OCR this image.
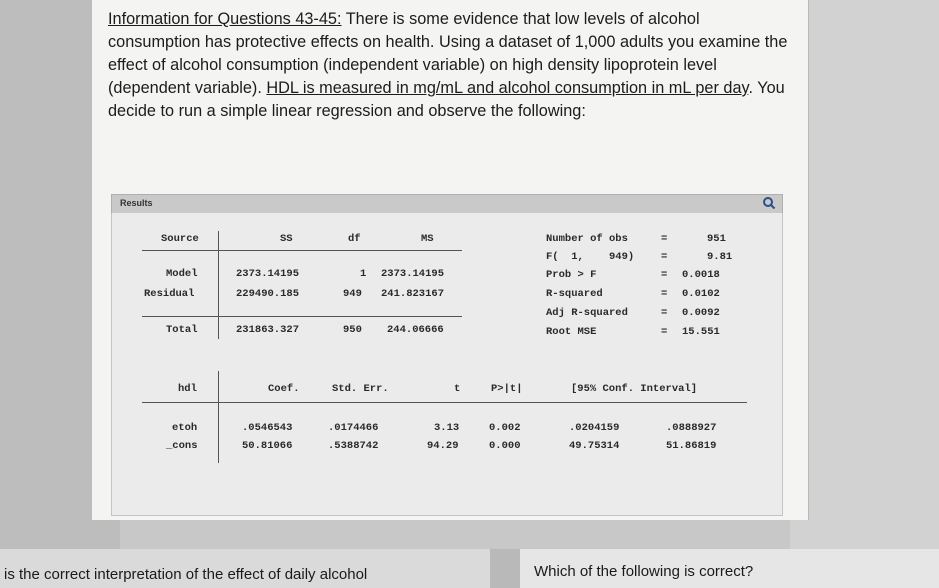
Information for Questions 43-45: There is some evidence that low levels of alcohol consumption has protective effects on health. Using a dataset of 1,000 adults you examine the effect of alcohol consumption (independent variable) on high density lipoprotein level (dependent variable). HDL is measured in mg/mL and alcohol consumption in mL per day. You decide to run a simple linear regression and observe the following:
Results
Source	SS	df	MS
Model	2373.14195	1 2373.14195
Residual	229490.185	949 241.823167
Total	231863.327	950 244.06666
Number of obs	=	951
F(  1,    949)	=	9.81
Prob > F	= 0.0018
R-squared	= 0.0102
Adj R-squared	= 0.0092
Root MSE	= 15.551
hdl	Coef.	Std. Err.	t	P>|t|	[95% Conf. Interval]
etoh	.0546543	.0174466	3.13	0.002	.0204159	.0888927
_cons	50.81066	.5388742	94.29	0.000	49.75314	51.86819
is the correct interpretation of the effect of daily alcohol	Which of the following is correct?
